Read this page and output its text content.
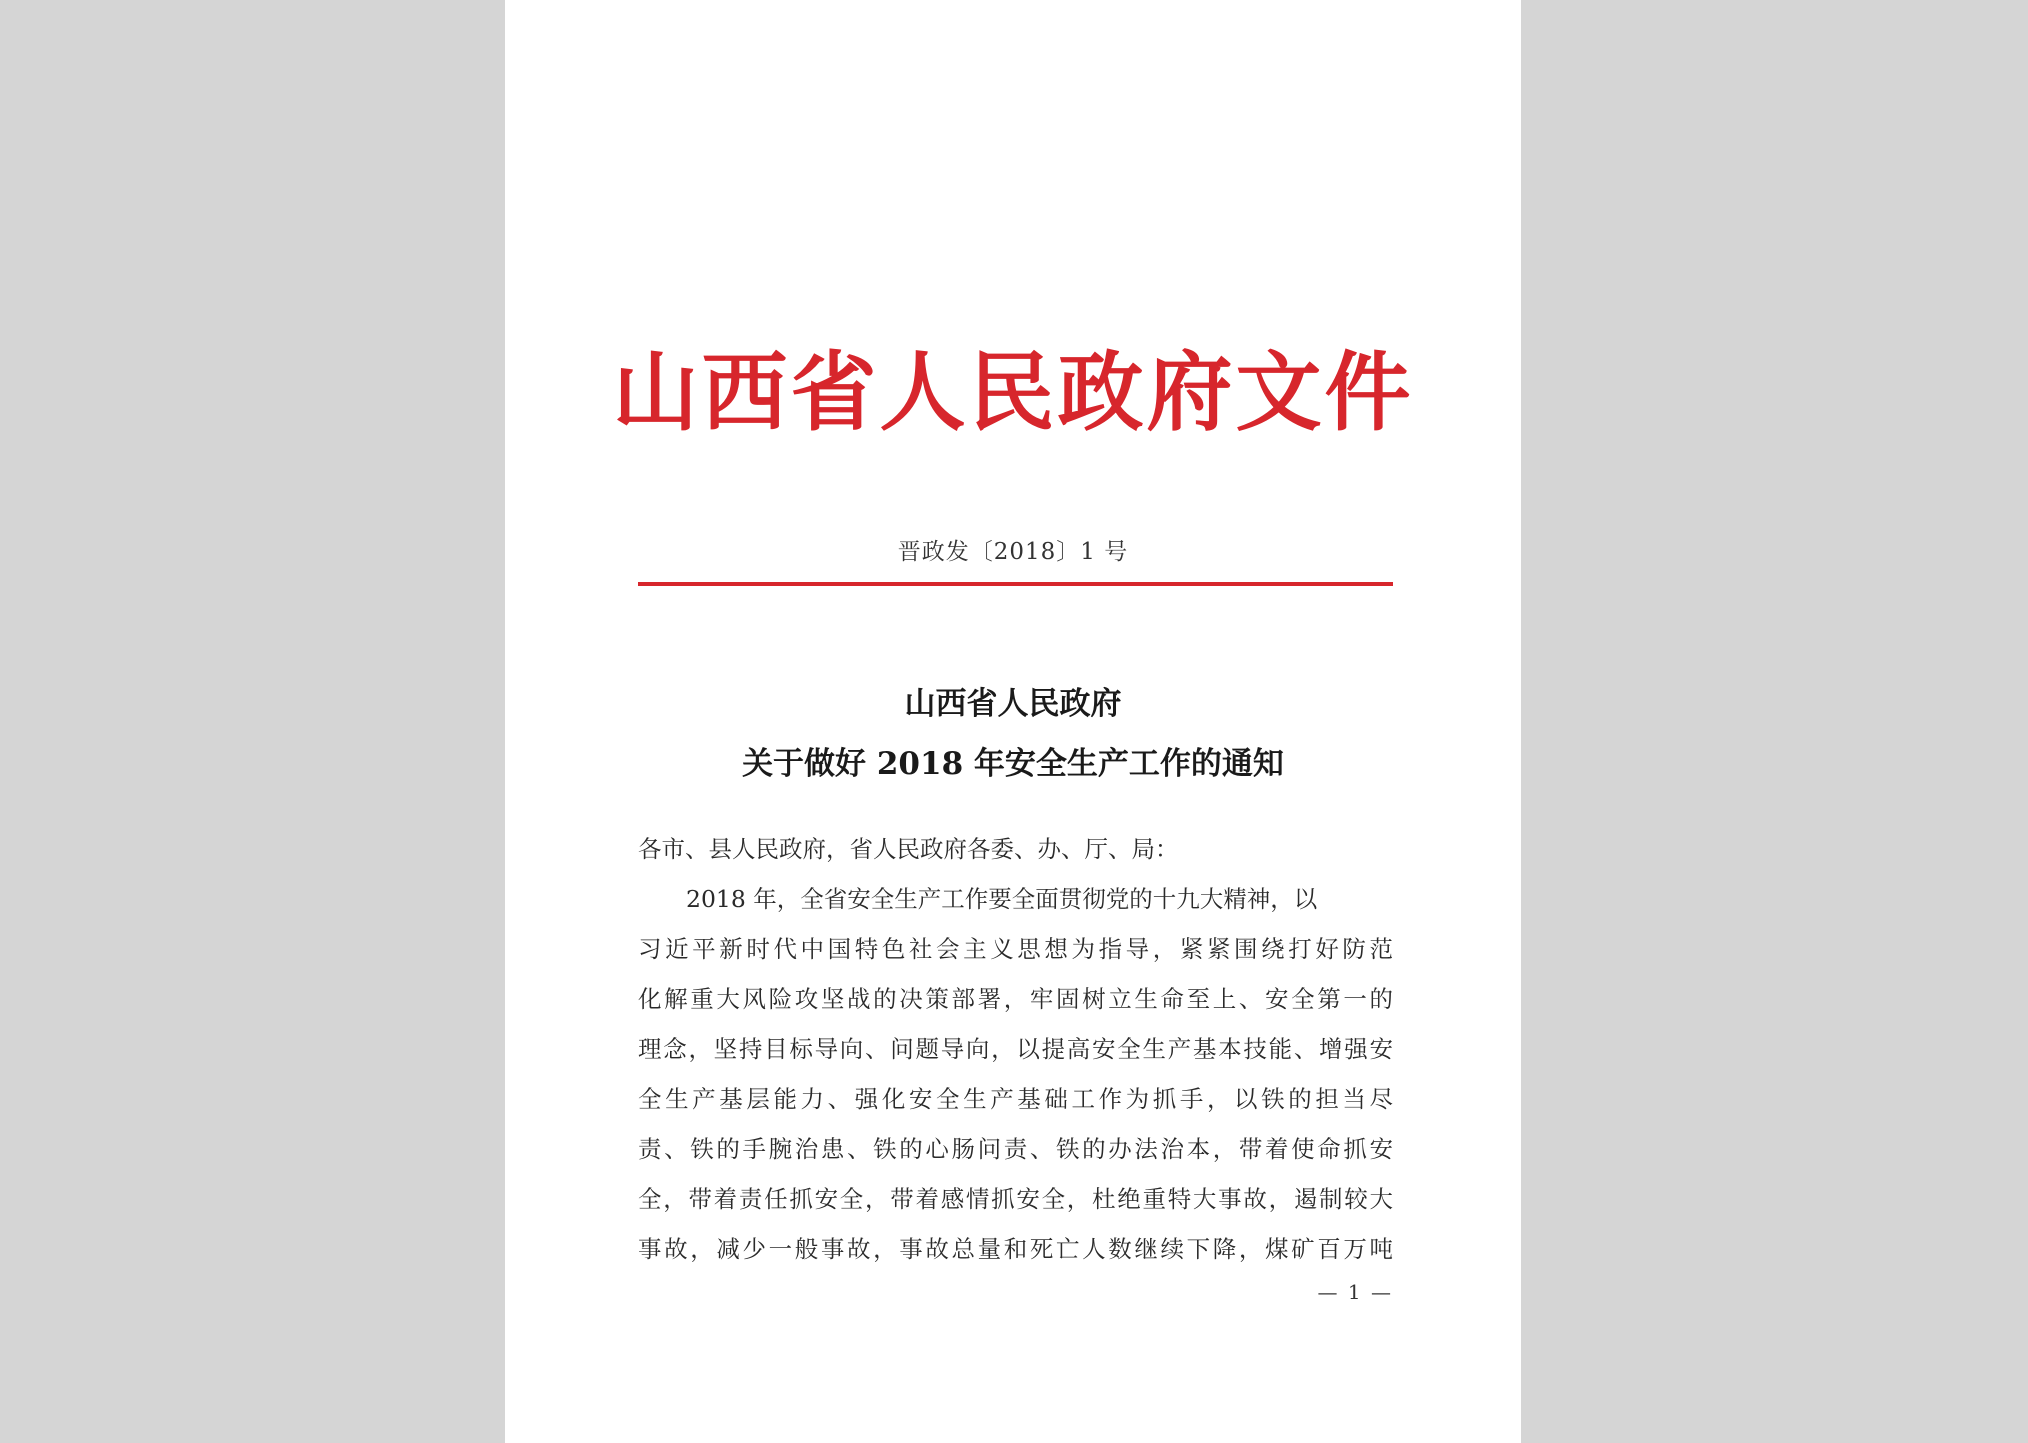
山西省人民政府文件
晋政发〔2018〕1 号
山西省人民政府
关于做好 2018 年安全生产工作的通知
各市、县人民政府，省人民政府各委、办、厅、局：
2018 年，全省安全生产工作要全面贯彻党的十九大精神，以
习近平新时代中国特色社会主义思想为指导，紧紧围绕打好防范
化解重大风险攻坚战的决策部署，牢固树立生命至上、安全第一的
理念，坚持目标导向、问题导向，以提高安全生产基本技能、增强安
全生产基层能力、强化安全生产基础工作为抓手，以铁的担当尽
责、铁的手腕治患、铁的心肠问责、铁的办法治本，带着使命抓安
全，带着责任抓安全，带着感情抓安全，杜绝重特大事故，遏制较大
事故，减少一般事故，事故总量和死亡人数继续下降，煤矿百万吨
— 1 —
